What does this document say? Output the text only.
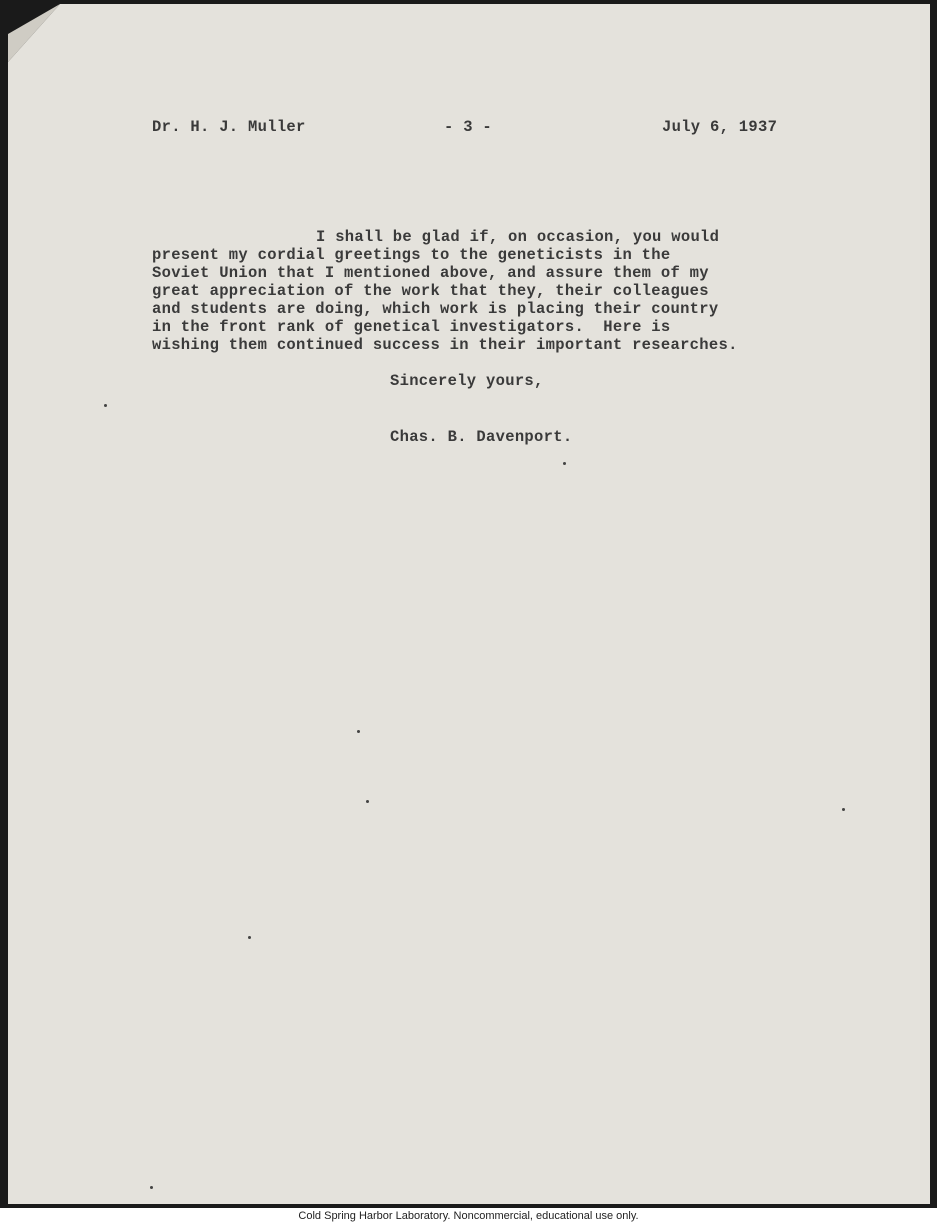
Dr. H. J. Muller	- 3 -	July 6, 1937
I shall be glad if, on occasion, you would
present my cordial greetings to the geneticists in the
Soviet Union that I mentioned above, and assure them of my
great appreciation of the work that they, their colleagues
and students are doing, which work is placing their country
in the front rank of genetical investigators.  Here is
wishing them continued success in their important researches.
Sincerely yours,
Chas. B. Davenport.
Cold Spring Harbor Laboratory. Noncommercial, educational use only.
